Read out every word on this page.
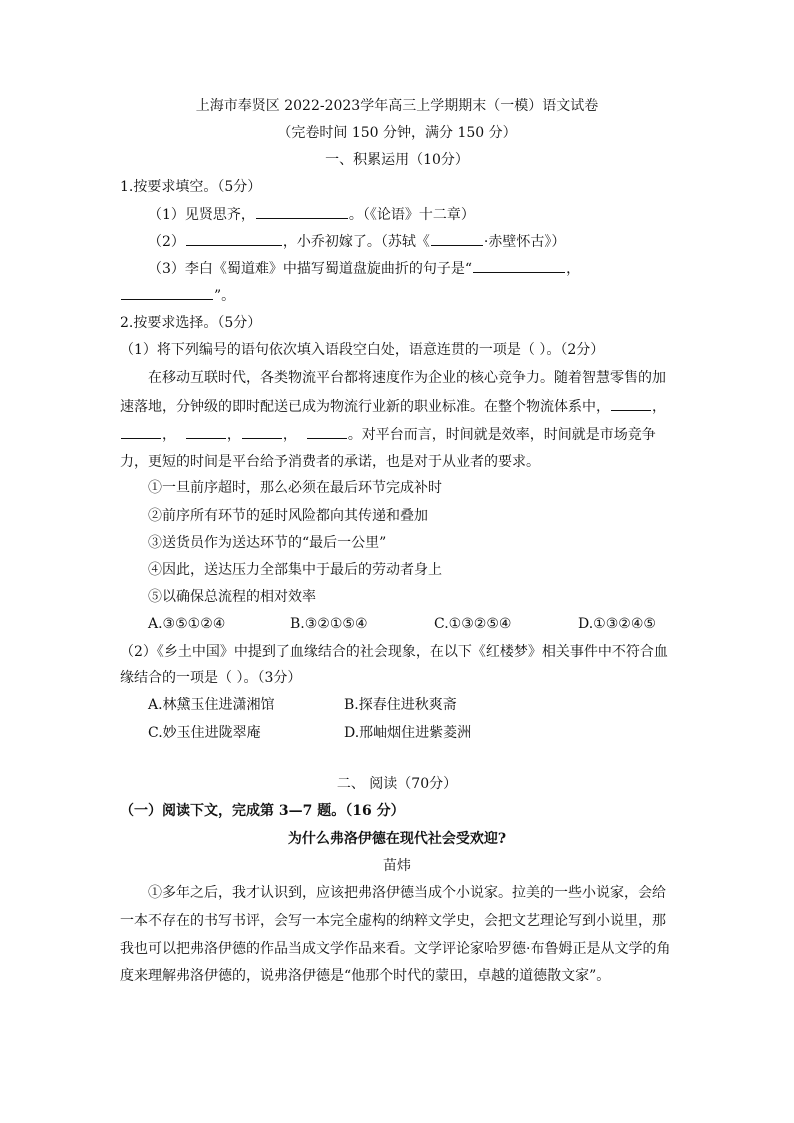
上海市奉贤区 2022-2023学年高三上学期期末（一模）语文试卷
（完卷时间 150 分钟，满分 150 分）
一、积累运用（10分）
1.按要求填空。（5分）
（1）见贤思齐，	。（《论语》十二章）
（2）	，小乔初嫁了。（苏轼《	·赤壁怀古》）
（3）李白《蜀道难》中描写蜀道盘旋曲折的句子是“	，
”。
2.按要求选择。（5分）
（1）将下列编号的语句依次填入语段空白处，语意连贯的一项是（ ）。（2分）
在移动互联时代，各类物流平台都将速度作为企业的核心竞争力。随着智慧零售的加
速落地，分钟级的即时配送已成为物流行业新的职业标准。在整个物流体系中，	，
，	，	，	。对平台而言，时间就是效率，时间就是市场竞争
力，更短的时间是平台给予消费者的承诺，也是对于从业者的要求。
①一旦前序超时，那么必须在最后环节完成补时
②前序所有环节的延时风险都向其传递和叠加
③送货员作为送达环节的“最后一公里”
④因此，送达压力全部集中于最后的劳动者身上
⑤以确保总流程的相对效率
A.③⑤①②④	B.③②①⑤④	C.①③②⑤④	D.①③②④⑤
（2）《乡土中国》中提到了血缘结合的社会现象，在以下《红楼梦》相关事件中不符合血
缘结合的一项是（ ）。（3分）
A.林黛玉住进潇湘馆	B.探春住进秋爽斋
C.妙玉住进陇翠庵	D.邢岫烟住进紫菱洲
二、 阅读（70分）
（一）阅读下文，完成第 3—7 题。（16 分）
为什么弗洛伊德在现代社会受欢迎?
苗炜
①多年之后，我才认识到，应该把弗洛伊德当成个小说家。拉美的一些小说家，会给
一本不存在的书写书评，会写一本完全虚构的纳粹文学史，会把文艺理论写到小说里，那
我也可以把弗洛伊德的作品当成文学作品来看。文学评论家哈罗德·布鲁姆正是从文学的角
度来理解弗洛伊德的，说弗洛伊德是“他那个时代的蒙田，卓越的道德散文家”。
